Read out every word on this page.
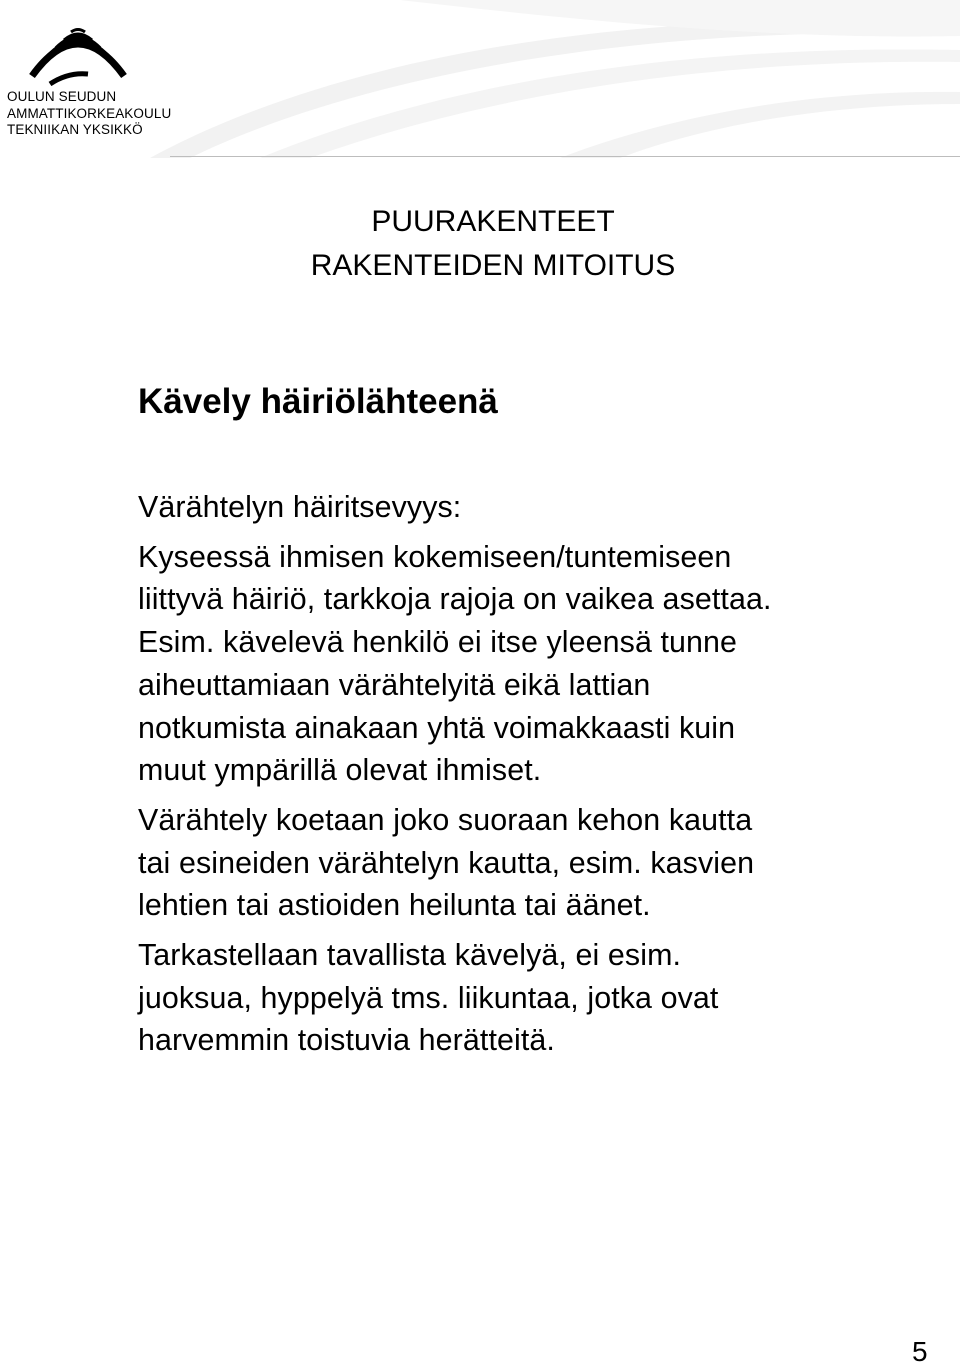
OULUN SEUDUN
AMMATTIKORKEAKOULU
TEKNIIKAN YKSIKKÖ
PUURAKENTEET
RAKENTEIDEN MITOITUS
Kävely häiriölähteenä
Värähtelyn häiritsevyys:
Kyseessä ihmisen kokemiseen/tuntemiseen
liittyvä häiriö, tarkkoja rajoja on vaikea asettaa.
Esim. kävelevä henkilö ei itse yleensä tunne
aiheuttamiaan värähtelyitä eikä lattian
notkumista ainakaan yhtä voimakkaasti kuin
muut ympärillä olevat ihmiset.
Värähtely koetaan joko suoraan kehon kautta
tai esineiden värähtelyn kautta, esim. kasvien
lehtien tai astioiden heilunta tai äänet.
Tarkastellaan tavallista kävelyä, ei esim.
juoksua, hyppelyä tms. liikuntaa, jotka ovat
harvemmin toistuvia herätteitä.
5
